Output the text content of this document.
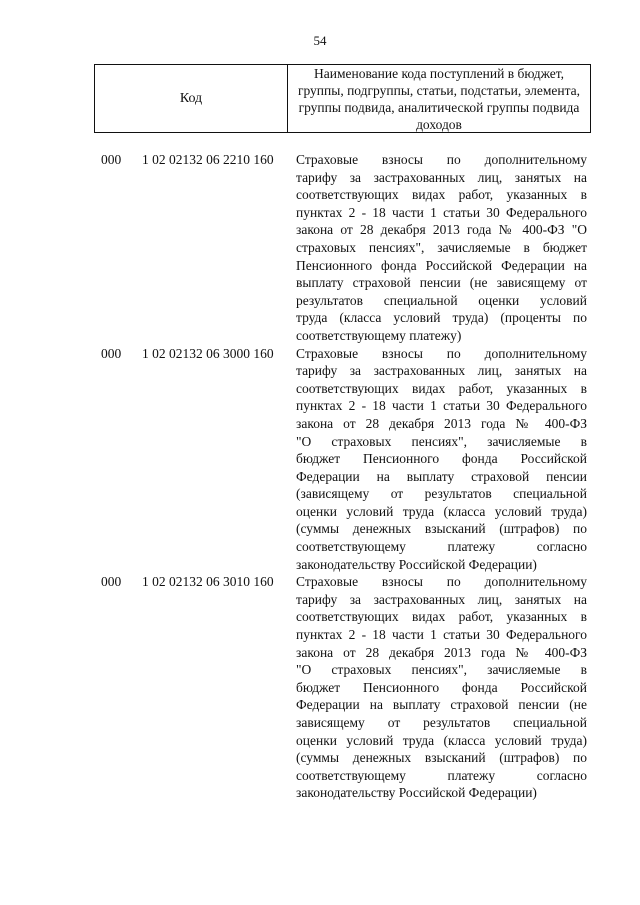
54
Код
Наименование кода поступлений в бюджет, группы, подгруппы, статьи, подстатьи, элемента, группы подвида, аналитической группы подвида доходов
000	1 02 02132 06 2210 160	Страховые взносы по дополнительному
тарифу за застрахованных лиц, занятых на
соответствующих видах работ, указанных в
пунктах 2 - 18 части 1 статьи 30 Федерального
закона от 28 декабря 2013 года № 400-ФЗ "О
страховых пенсиях", зачисляемые в бюджет
Пенсионного фонда Российской Федерации на
выплату страховой пенсии (не зависящему от
результатов специальной оценки условий
труда (класса условий труда) (проценты по
соответствующему платежу)
000	1 02 02132 06 3000 160	Страховые взносы по дополнительному
тарифу за застрахованных лиц, занятых на
соответствующих видах работ, указанных в
пунктах 2 - 18 части 1 статьи 30 Федерального
закона от 28 декабря 2013 года № 400-ФЗ
"О страховых пенсиях", зачисляемые в
бюджет Пенсионного фонда Российской
Федерации на выплату страховой пенсии
(зависящему от результатов специальной
оценки условий труда (класса условий труда)
(суммы денежных взысканий (штрафов) по
соответствующему платежу согласно
законодательству Российской Федерации)
000	1 02 02132 06 3010 160	Страховые взносы по дополнительному
тарифу за застрахованных лиц, занятых на
соответствующих видах работ, указанных в
пунктах 2 - 18 части 1 статьи 30 Федерального
закона от 28 декабря 2013 года № 400-ФЗ
"О страховых пенсиях", зачисляемые в
бюджет Пенсионного фонда Российской
Федерации на выплату страховой пенсии (не
зависящему от результатов специальной
оценки условий труда (класса условий труда)
(суммы денежных взысканий (штрафов) по
соответствующему платежу согласно
законодательству Российской Федерации)
